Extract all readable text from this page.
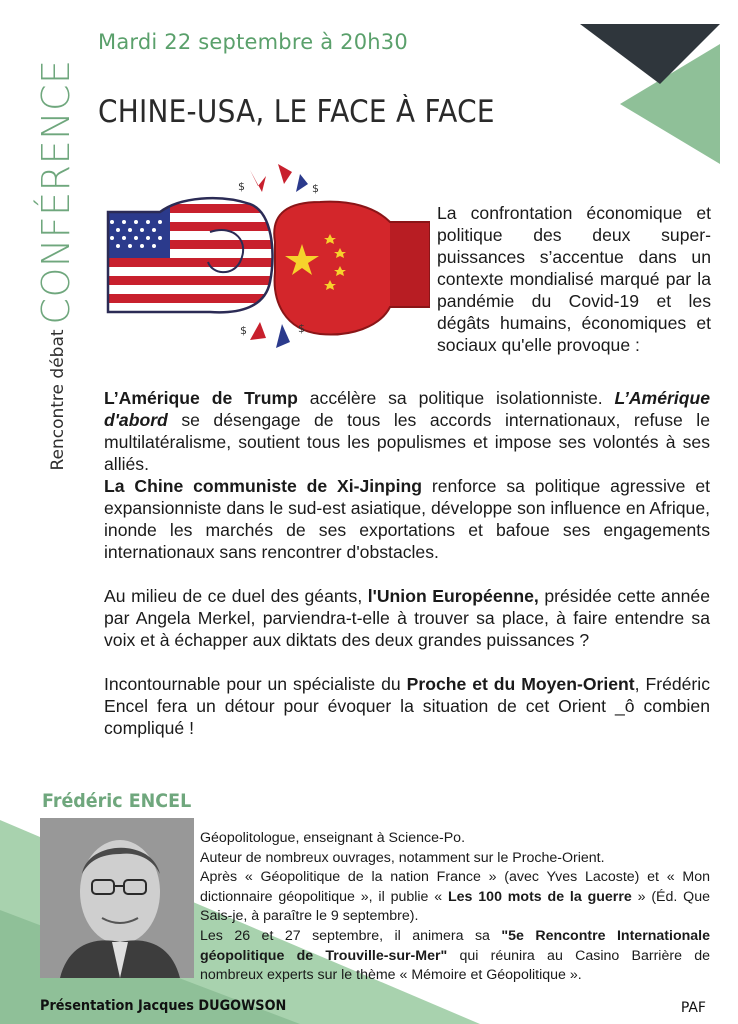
CONFÉRENCE
Rencontre débat
Mardi 22 septembre à 20h30
CHINE-USA, LE FACE À FACE
$	$
$	$
La confrontation économique et politique des deux super-puissances s’accentue dans un contexte mondialisé marqué par la pandémie du Covid-19 et les dégâts humains, économiques et sociaux qu'elle provoque :

L’Amérique de Trump accélère sa politique isolationniste. L’Amérique d'abord se désengage de tous les accords internationaux, refuse le multilatéralisme, soutient tous les populismes et impose ses volontés à ses alliés.

La Chine communiste de Xi-Jinping renforce sa politique agressive et expansionniste dans le sud-est asiatique, développe son influence en Afrique, inonde les marchés de ses exportations et bafoue ses engagements internationaux sans rencontrer d'obstacles.

Au milieu de ce duel des géants, l'Union Européenne, présidée cette année par Angela Merkel, parviendra-t-elle à trouver sa place, à faire entendre sa voix et à échapper aux diktats des deux grandes puissances ?

Incontournable pour un spécialiste du Proche et du Moyen-Orient, Frédéric Encel fera un détour pour évoquer la situation de cet Orient _ô combien compliqué !

Frédéric ENCEL
Géopolitologue, enseignant à Science-Po.
Auteur de nombreux ouvrages, notamment sur le Proche-Orient.
Après « Géopolitique de la nation France » (avec Yves Lacoste) et « Mon dictionnaire géopolitique », il publie « Les 100 mots de la guerre » (Éd. Que Sais-je, à paraître le 9 septembre).
Les 26 et 27 septembre, il animera sa "5e Rencontre Internationale géopolitique de Trouville-sur-Mer" qui réunira au Casino Barrière de nombreux experts sur le thème « Mémoire et Géopolitique ».
Présentation Jacques DUGOWSON	PAF
